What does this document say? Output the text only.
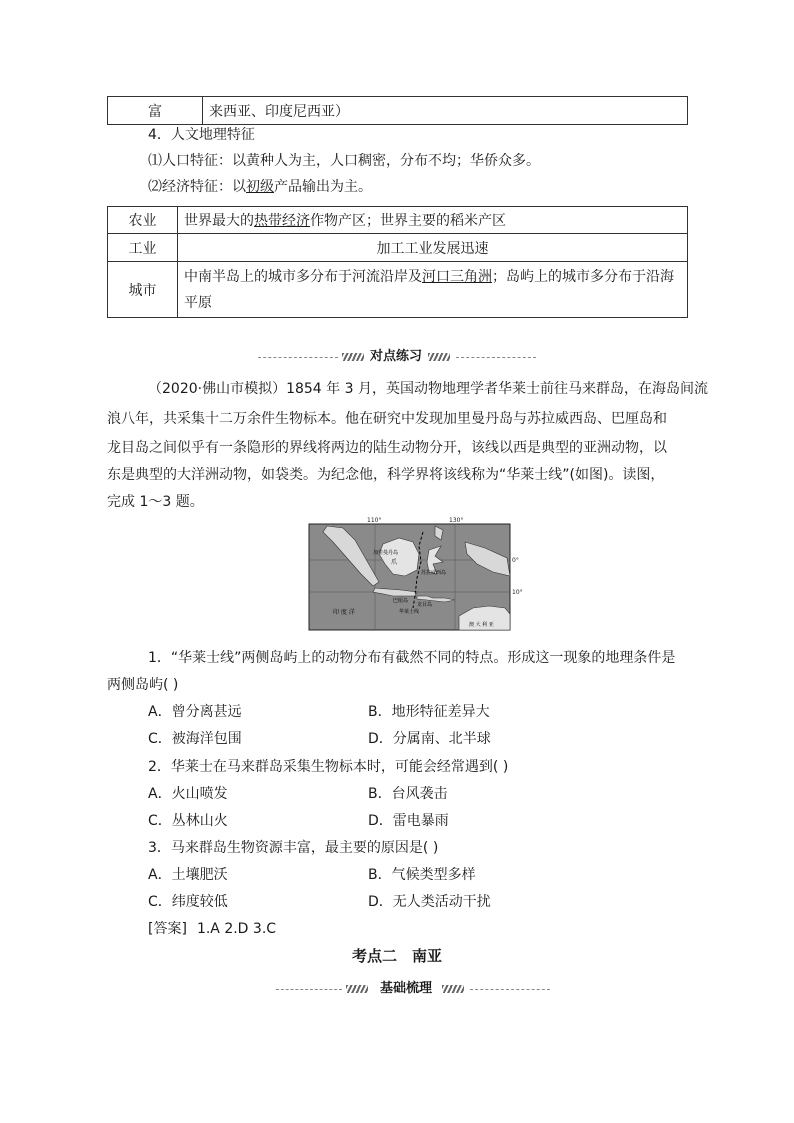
富	来西亚、印度尼西亚）
4．人文地理特征
⑴人口特征：以黄种人为主，人口稠密，分布不均；华侨众多。
⑵经济特征：以初级产品输出为主。
农业	世界最大的热带经济作物产区；世界主要的稻米产区
工业	加工工业发展迅速
城市	中南半岛上的城市多分布于河流沿岸及河口三角洲；岛屿上的城市多分布于沿海
平原
对点练习
（2020·佛山市模拟）1854 年 3 月，英国动物地理学者华莱士前往马来群岛，在海岛间流
浪八年，共采集十二万余件生物标本。他在研究中发现加里曼丹岛与苏拉威西岛、巴厘岛和
龙目岛之间似乎有一条隐形的界线将两边的陆生动物分开，该线以西是典型的亚洲动物，以
东是典型的大洋洲动物，如袋类。为纪念他，科学界将该线称为“华莱士线”(如图)。读图，
完成 1～3 题。
110°	130°
0°
10°
加里曼丹岛
爪
苏拉威西岛
巴厘岛
龙目岛
华莱士线
印 度 洋
澳 大 利 亚
1．“华莱士线”两侧岛屿上的动物分布有截然不同的特点。形成这一现象的地理条件是
两侧岛屿( )
A．曾分离甚远	B．地形特征差异大
C．被海洋包围	D．分属南、北半球
2．华莱士在马来群岛采集生物标本时，可能会经常遇到( )
A．火山喷发	B．台风袭击
C．丛林山火	D．雷电暴雨
3．马来群岛生物资源丰富，最主要的原因是( )
A．土壤肥沃	B．气候类型多样
C．纬度较低	D．无人类活动干扰
[答案] 1.A 2.D 3.C
考点二　南亚
基础梳理
